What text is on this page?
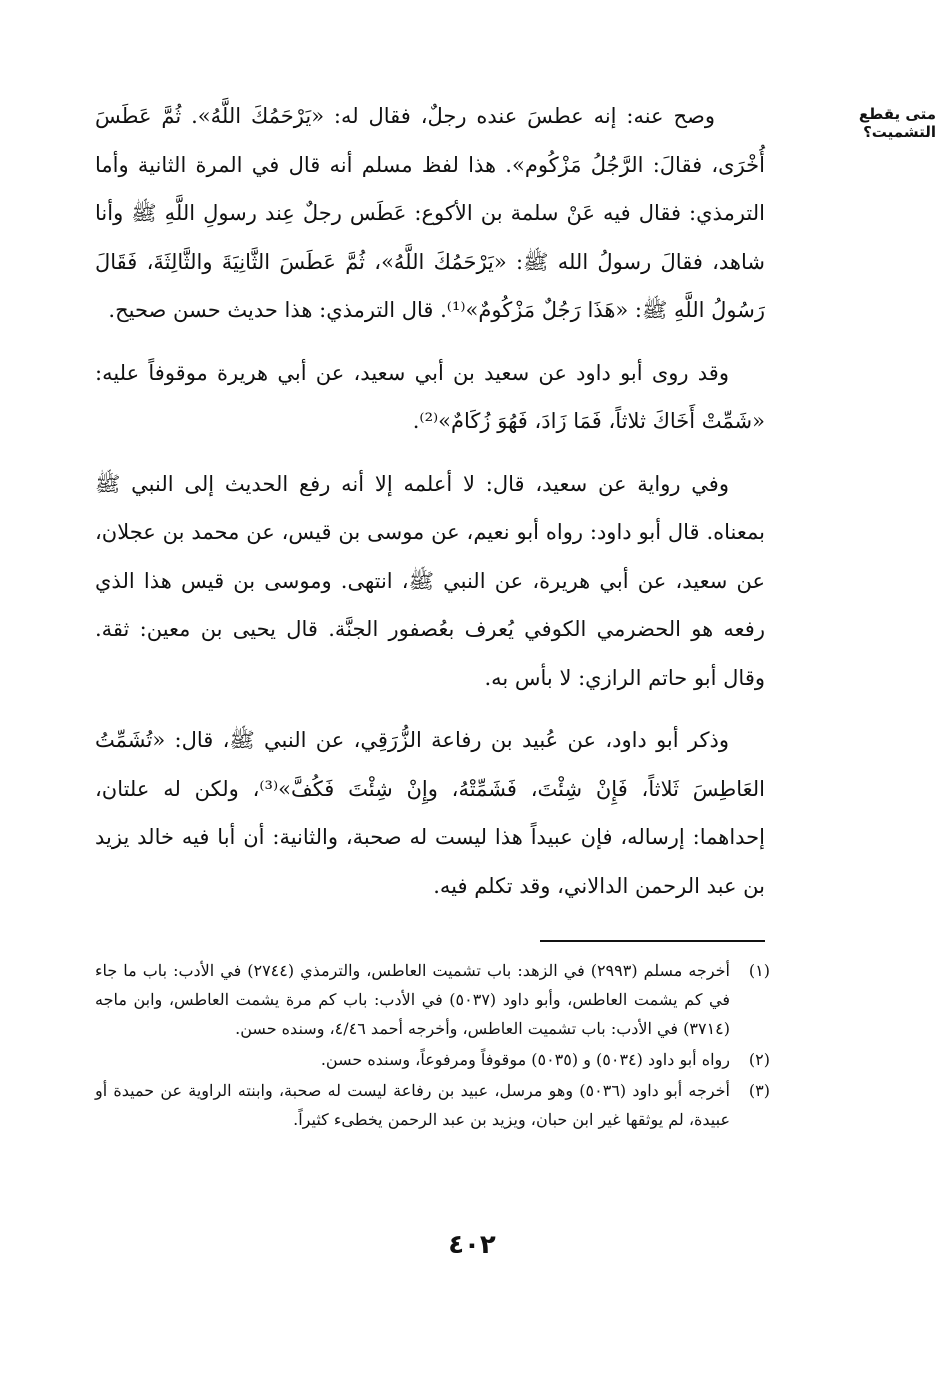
متى يقطع التشميت؟

وصح عنه: إنه عطسَ عنده رجلٌ، فقال له: «يَرْحَمُكَ اللَّهُ». ثُمَّ عَطَسَ أُخْرَى، فقالَ: الرَّجُلُ مَزْكُوم». هذا لفظ مسلم أنه قال في المرة الثانية وأما الترمذي: فقال فيه عَنْ سلمة بن الأكوع: عَطَس رجلٌ عِند رسولِ اللَّهِ ﷺ وأنا شاهد، فقالَ رسولُ الله ﷺ: «يَرْحَمُكَ اللَّهُ»، ثُمَّ عَطَسَ الثَّانِيَةَ والثَّالِثَةَ، فَقَالَ رَسُولُ اللَّهِ ﷺ: «هَذَا رَجُلٌ مَزْكُومٌ»⁽¹⁾. قال الترمذي: هذا حديث حسن صحيح.

وقد روى أبو داود عن سعيد بن أبي سعيد، عن أبي هريرة موقوفاً عليه: «شَمِّتْ أَخَاكَ ثلاثاً، فَمَا زَادَ، فَهُوَ زُكَامٌ»⁽²⁾.

وفي رواية عن سعيد، قال: لا أعلمه إلا أنه رفع الحديث إلى النبي ﷺ بمعناه. قال أبو داود: رواه أبو نعيم، عن موسى بن قيس، عن محمد بن عجلان، عن سعيد، عن أبي هريرة، عن النبي ﷺ، انتهى. وموسى بن قيس هذا الذي رفعه هو الحضرمي الكوفي يُعرف بعُصفور الجنَّة. قال يحيى بن معين: ثقة. وقال أبو حاتم الرازي: لا بأس به.

وذكر أبو داود، عن عُبيد بن رفاعة الزُّرَقِي، عن النبي ﷺ، قال: «تُشَمِّتُ العَاطِسَ ثَلاثاً، فَإِنْ شِئْتَ، فَشَمِّتْهُ، وإِنْ شِئْتَ فَكُفَّ»⁽³⁾، ولكن له علتان، إحداهما: إرساله، فإن عبيداً هذا ليست له صحبة، والثانية: أن أبا فيه خالد يزيد بن عبد الرحمن الدالاني، وقد تكلم فيه.

(١)
أخرجه مسلم (٢٩٩٣) في الزهد: باب تشميت العاطس، والترمذي (٢٧٤٤) في الأدب: باب ما جاء في كم يشمت العاطس، وأبو داود (٥٠٣٧) في الأدب: باب كم مرة يشمت العاطس، وابن ماجه (٣٧١٤) في الأدب: باب تشميت العاطس، وأخرجه أحمد ٤/٤٦، وسنده حسن.
(٢)
رواه أبو داود (٥٠٣٤) و (٥٠٣٥) موقوفاً ومرفوعاً، وسنده حسن.
(٣)
أخرجه أبو داود (٥٠٣٦) وهو مرسل، عبيد بن رفاعة ليست له صحبة، وابنته الراوية عن حميدة أو عبيدة، لم يوثقها غير ابن حبان، ويزيد بن عبد الرحمن يخطىء كثيراً.
٤٠٢
